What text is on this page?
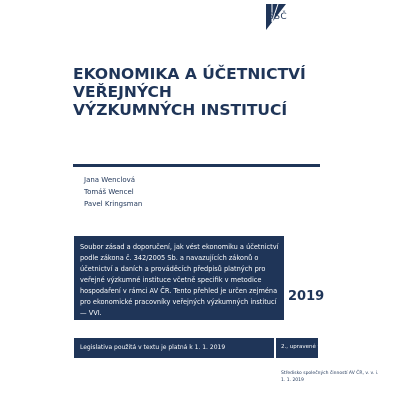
SSČ
EKONOMIKA A ÚČETNICTVÍ
VEŘEJNÝCH
VÝZKUMNÝCH INSTITUCÍ
Jana Wenclová
Tomáš Wencel
Pavel Kringsman
Soubor zásad a doporučení, jak vést ekonomiku a účetnictví podle zákona č. 342/2005 Sb. a navazujících zákonů o účetnictví a daních a prováděcích předpisů platných pro veřejné výzkumné instituce včetně specifik v metodice hospodaření v rámci AV ČR. Tento přehled je určen zejména pro ekonomické pracovníky veřejných výzkumných institucí — VVI.
2019
Legislativa použitá v textu je platná k 1. 1. 2019	2., upravené vydání
Středisko společných činností AV ČR, v. v. i.
1. 1. 2019
